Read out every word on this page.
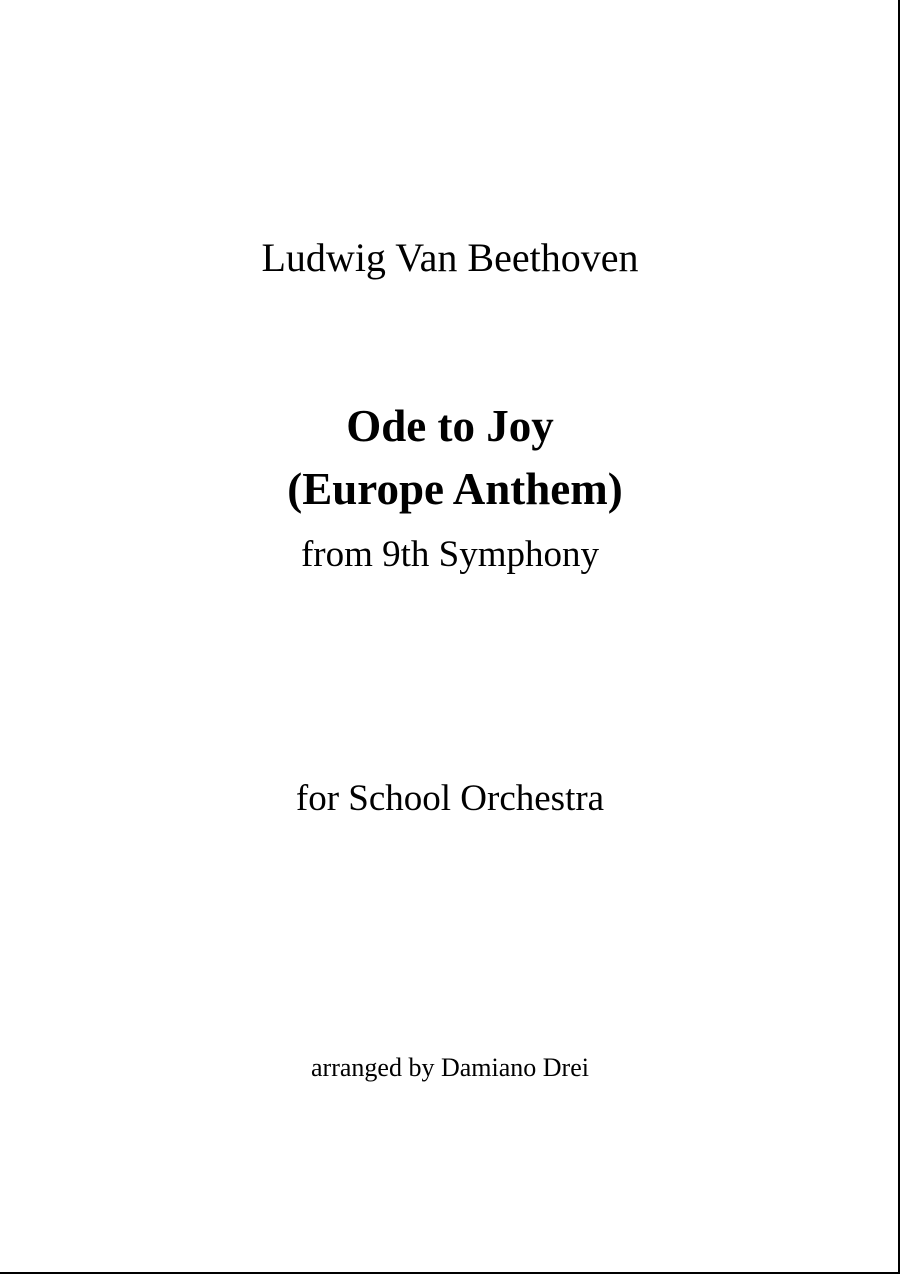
Ludwig Van Beethoven
Ode to Joy
(Europe Anthem)
from 9th Symphony
for School Orchestra
arranged by Damiano Drei
